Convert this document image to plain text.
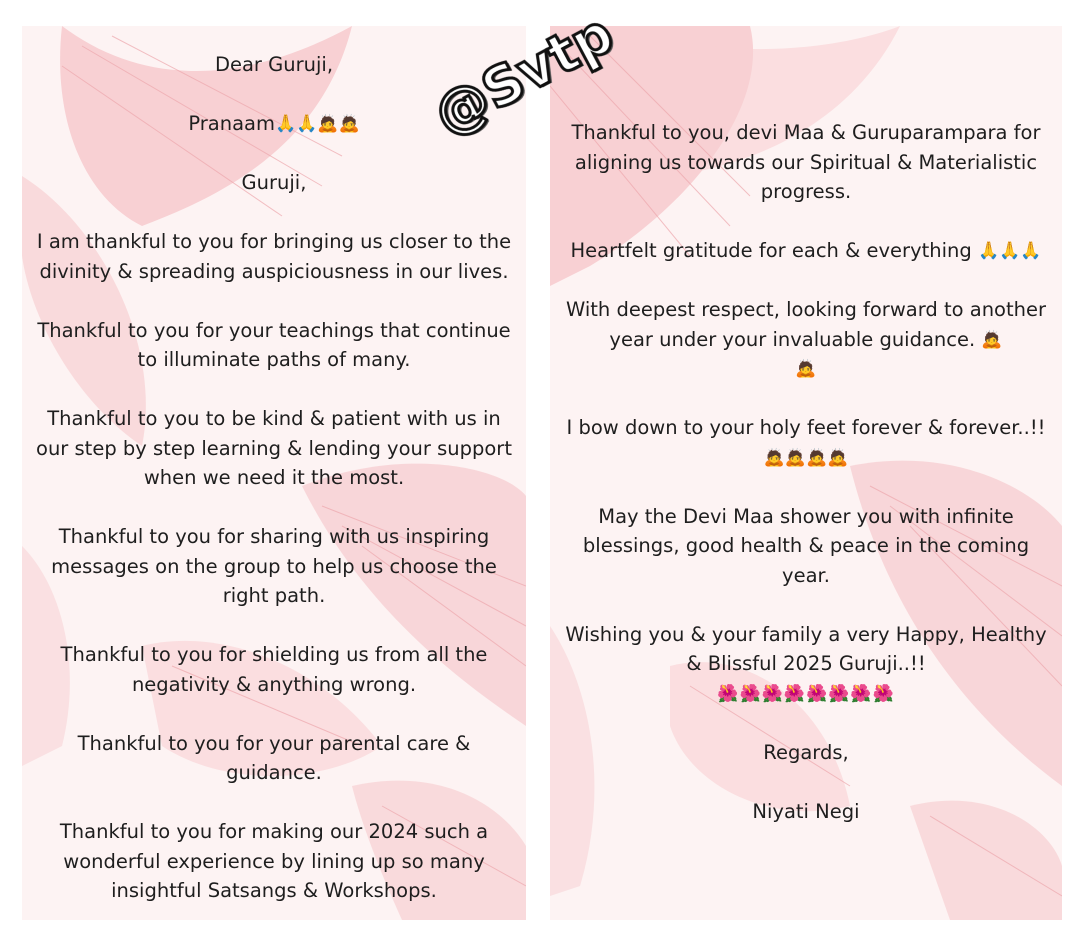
Dear Guruji,

Pranaam🙏🙏🙇🙇

Guruji,

I am thankful to you for bringing us closer to the divinity & spreading auspiciousness in our lives.

Thankful to you for your teachings that continue to illuminate paths of many.

Thankful to you to be kind & patient with us in our step by step learning & lending your support when we need it the most.

Thankful to you for sharing with us inspiring messages on the group to help us choose the right path.

Thankful to you for shielding us from all the negativity & anything wrong.

Thankful to you for your parental care & guidance.

Thankful to you for making our 2024 such a wonderful experience by lining up so many insightful Satsangs & Workshops.

Thankful to you, devi Maa & Guruparampara for aligning us towards our Spiritual & Materialistic progress.

Heartfelt gratitude for each & everything 🙏🙏🙏

With deepest respect, looking forward to another year under your invaluable guidance. 🙇
🙇

I bow down to your holy feet forever & forever..!!
🙇🙇🙇🙇

May the Devi Maa shower you with infinite blessings, good health & peace in the coming year.

Wishing you & your family a very Happy, Healthy & Blissful 2025 Guruji..!!
🌺🌺🌺🌺🌺🌺🌺🌺

Regards,

Niyati Negi

@Svtp
